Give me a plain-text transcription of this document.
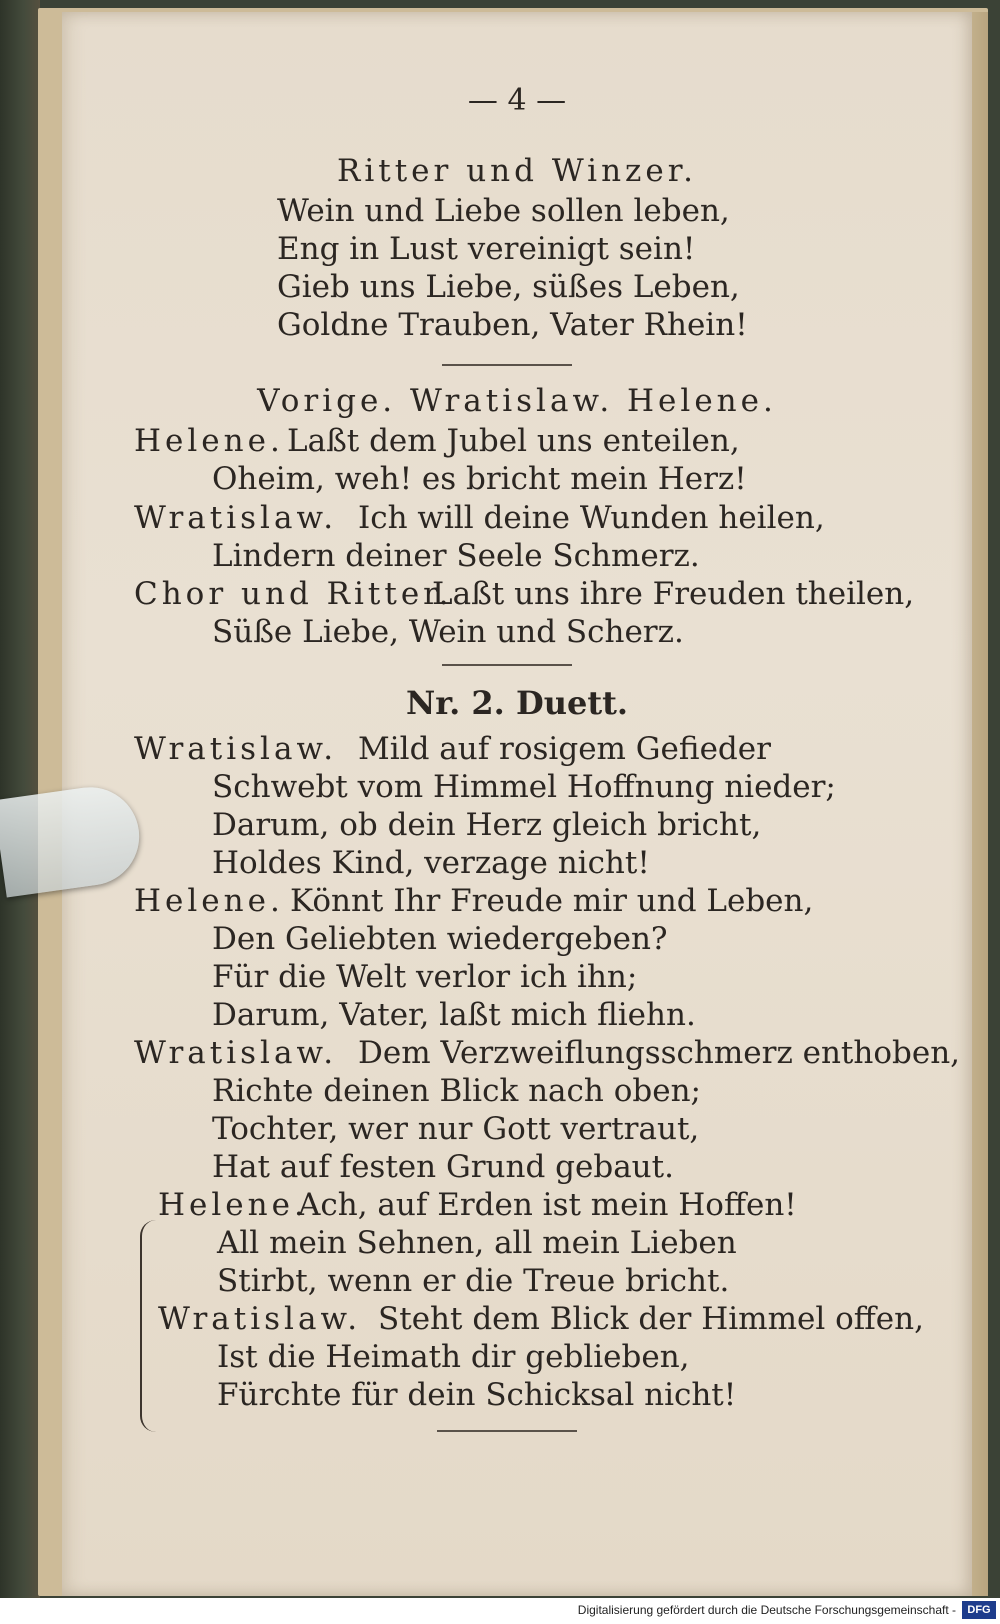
— 4 —
Ritter und Winzer.
Wein und Liebe sollen leben,
Eng in Lust vereinigt sein!
Gieb uns Liebe, süßes Leben,
Goldne Trauben, Vater Rhein!
Vorige. Wratislaw. Helene.
Helene. Laßt dem Jubel uns enteilen,
Oheim, weh! es bricht mein Herz!
Wratislaw. Ich will deine Wunden heilen,
Lindern deiner Seele Schmerz.
Chor und Ritter.
Laßt uns ihre Freuden theilen,
Süße Liebe, Wein und Scherz.
Nr. 2. Duett.
Wratislaw. Mild auf rosigem Gefieder
Schwebt vom Himmel Hoffnung nieder;
Darum, ob dein Herz gleich bricht,
Holdes Kind, verzage nicht!
Helene. Könnt Ihr Freude mir und Leben,
Den Geliebten wiedergeben?
Für die Welt verlor ich ihn;
Darum, Vater, laßt mich fliehn.
Wratislaw. Dem Verzweiflungsschmerz enthoben,
Richte deinen Blick nach oben;
Tochter, wer nur Gott vertraut,
Hat auf festen Grund gebaut.
Helene.
Ach, auf Erden ist mein Hoffen!
All mein Sehnen, all mein Lieben
Stirbt, wenn er die Treue bricht.
Wratislaw. Steht dem Blick der Himmel offen,
Ist die Heimath dir geblieben,
Fürchte für dein Schicksal nicht!
Digitalisierung gefördert durch die Deutsche Forschungsgemeinschaft -	DFG
